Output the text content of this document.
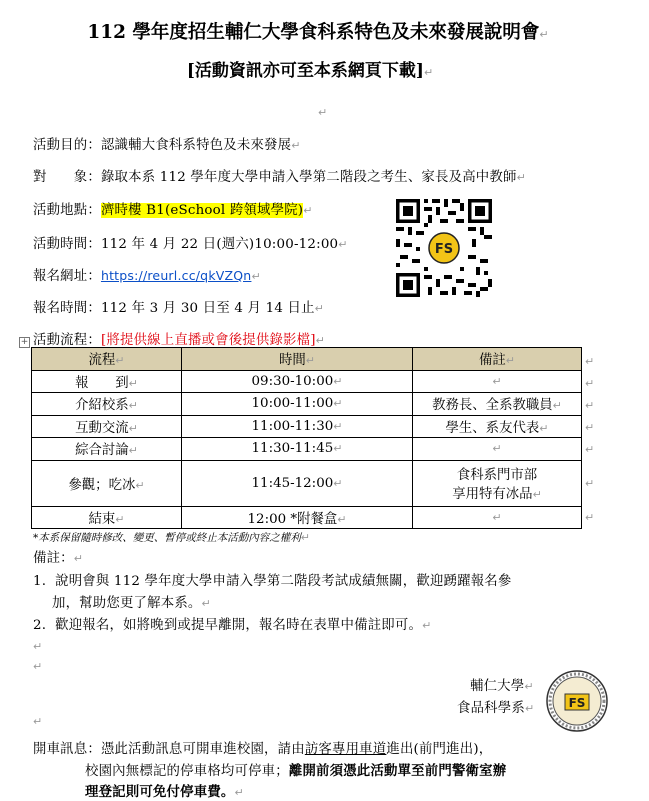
112 學年度招生輔仁大學食科系特色及未來發展說明會↵
[活動資訊亦可至本系網頁下載]↵
↵
活動目的：認識輔大食科系特色及未來發展↵
對　　象：錄取本系 112 學年度大學申請入學第二階段之考生、家長及高中教師↵
活動地點：濟時樓 B1(eSchool 跨領域學院)↵
活動時間：112 年 4 月 22 日(週六)10:00-12:00↵
報名網址：https://reurl.cc/qkVZQn↵
報名時間：112 年 3 月 30 日至 4 月 14 日止↵
FS
+ 活動流程：[將提供線上直播或會後提供錄影檔]↵
流程↵	時間↵	備註↵
報　　到↵	09:30-10:00↵	↵
介紹校系↵	10:00-11:00↵	教務長、全系教職員↵
互動交流↵	11:00-11:30↵	學生、系友代表↵
綜合討論↵	11:30-11:45↵	↵
參觀；吃冰↵	11:45-12:00↵	食科系門市部
享用特有冰品↵
結束↵	12:00 *附餐盒↵	↵
↵
↵
↵
↵
↵
↵
↵
*本系保留隨時修改、變更、暫停或終止本活動內容之權利↵
備註：↵
1. 說明會與 112 學年度大學申請入學第二階段考試成績無關，歡迎踴躍報名參
加，幫助您更了解本系。↵
2. 歡迎報名，如將晚到或提早離開，報名時在表單中備註即可。↵
↵
↵
輔仁大學↵
食品科學系↵	FS
↵
開車訊息：憑此活動訊息可開車進校園，請由訪客專用車道進出(前門進出)，
校園內無標記的停車格均可停車；離開前須憑此活動單至前門警衛室辦
理登記則可免付停車費。↵
